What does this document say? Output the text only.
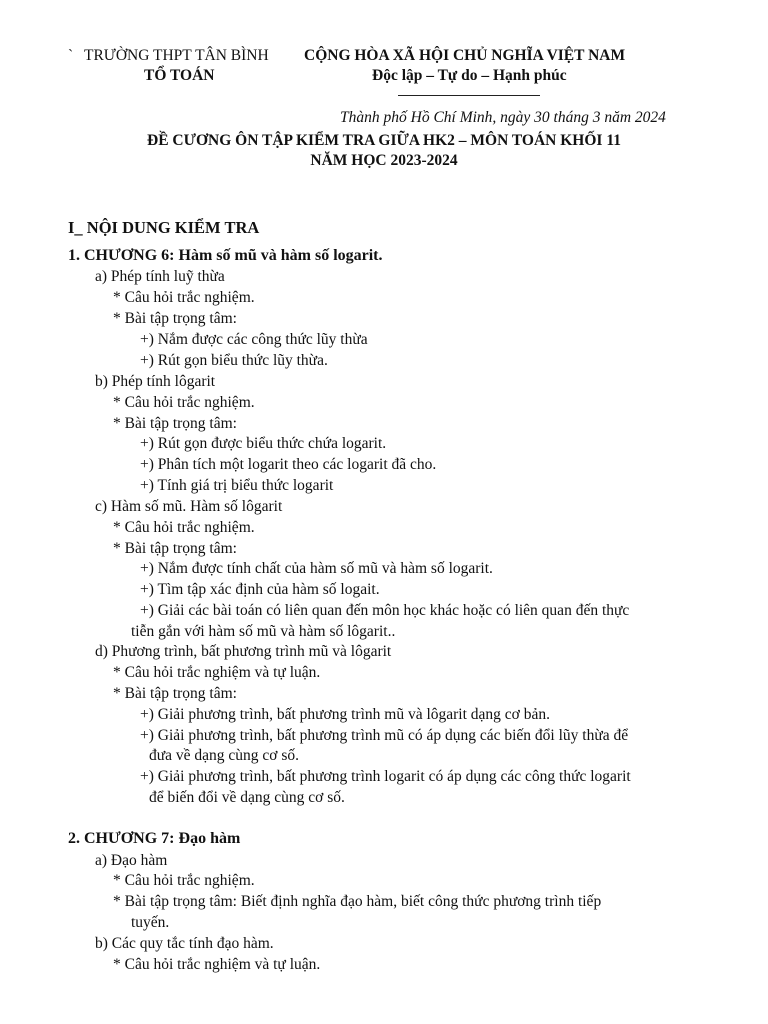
` TRƯỜNG THPT TÂN BÌNH
TỔ TOÁN
CỘNG HÒA XÃ HỘI CHỦ NGHĨA VIỆT NAM
Độc lập – Tự do – Hạnh phúc
Thành phố Hồ Chí Minh, ngày 30 tháng 3 năm 2024
ĐỀ CƯƠNG ÔN TẬP KIỂM TRA GIỮA HK2 – MÔN TOÁN KHỐI 11
NĂM HỌC 2023-2024
I_ NỘI DUNG KIỂM TRA
1. CHƯƠNG 6: Hàm số mũ và hàm số logarit.
a) Phép tính luỹ thừa
* Câu hỏi trắc nghiệm.
* Bài tập trọng tâm:
+) Nắm được các công thức lũy thừa
+) Rút gọn biểu thức lũy thừa.
b) Phép tính lôgarit
* Câu hỏi trắc nghiệm.
* Bài tập trọng tâm:
+) Rút gọn được biểu thức chứa logarit.
+) Phân tích một logarit theo các logarit đã cho.
+) Tính giá trị biểu thức logarit
c) Hàm số mũ. Hàm số lôgarit
* Câu hỏi trắc nghiệm.
* Bài tập trọng tâm:
+) Nắm được tính chất của hàm số mũ và hàm số logarit.
+) Tìm tập xác định của hàm số logait.
+) Giải các bài toán có liên quan đến môn học khác hoặc có liên quan đến thực
tiễn gắn với hàm số mũ và hàm số lôgarit..
d) Phương trình, bất phương trình mũ và lôgarit
* Câu hỏi trắc nghiệm và tự luận.
* Bài tập trọng tâm:
+) Giải phương trình, bất phương trình mũ và lôgarit dạng cơ bản.
+) Giải phương trình, bất phương trình mũ có áp dụng các biến đổi lũy thừa để
đưa về dạng cùng cơ số.
+) Giải phương trình, bất phương trình logarit có áp dụng các công thức logarit
để biến đổi về dạng cùng cơ số.
2. CHƯƠNG 7: Đạo hàm
a) Đạo hàm
* Câu hỏi trắc nghiệm.
* Bài tập trọng tâm: Biết định nghĩa đạo hàm, biết công thức phương trình tiếp
tuyến.
b) Các quy tắc tính đạo hàm.
* Câu hỏi trắc nghiệm và tự luận.
